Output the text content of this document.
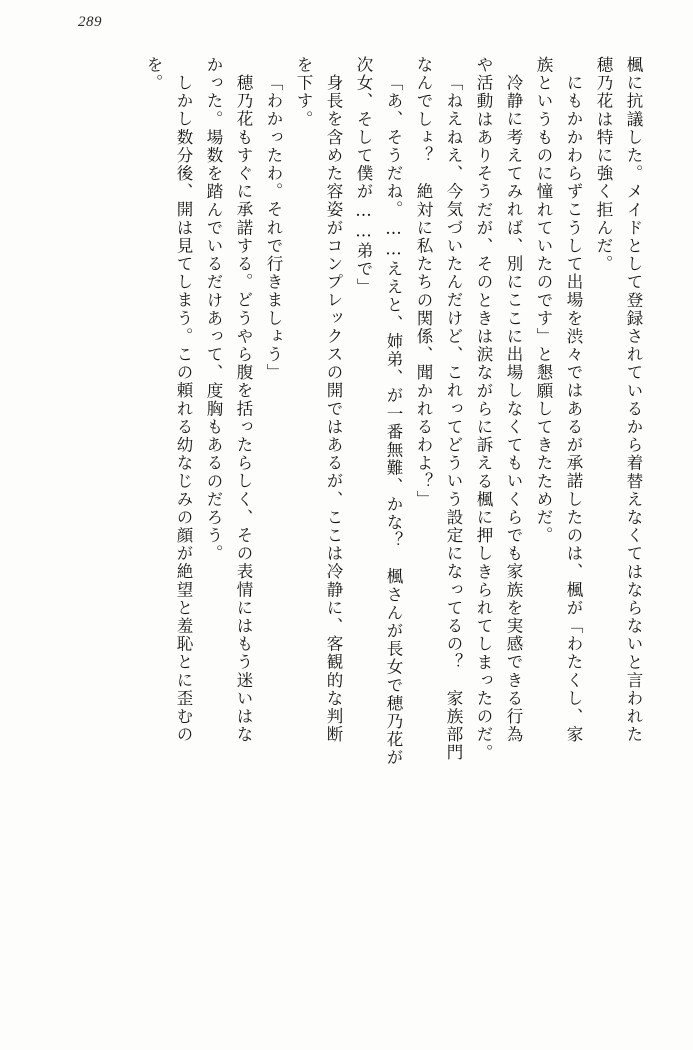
289
楓に抗議した。メイドとして登録されているから着替えなくてはならないと言われた
穂乃花は特に強く拒んだ。
にもかかわらずこうして出場を渋々ではあるが承諾したのは、楓が「わたくし、家
族というものに憧れていたのです」と懇願してきたためだ。
冷静に考えてみれば、別にここに出場しなくてもいくらでも家族を実感できる行為
や活動はありそうだが、そのときは涙ながらに訴える楓に押しきられてしまったのだ。
「ねえねえ、今気づいたんだけど、これってどういう設定になってるの？　家族部門
なんでしょ？　絶対に私たちの関係、聞かれるわよ？」
「あ、そうだね。……ええと、姉弟、が一番無難、かな？　楓さんが長女で穂乃花が
次女、そして僕が……弟で」
身長を含めた容姿がコンプレックスの開ではあるが、ここは冷静に、客観的な判断
を下す。
「わかったわ。それで行きましょう」
穂乃花もすぐに承諾する。どうやら腹を括ったらしく、その表情にはもう迷いはな
かった。場数を踏んでいるだけあって、度胸もあるのだろう。
しかし数分後、開は見てしまう。この頼れる幼なじみの顔が絶望と羞恥とに歪むの
を。
